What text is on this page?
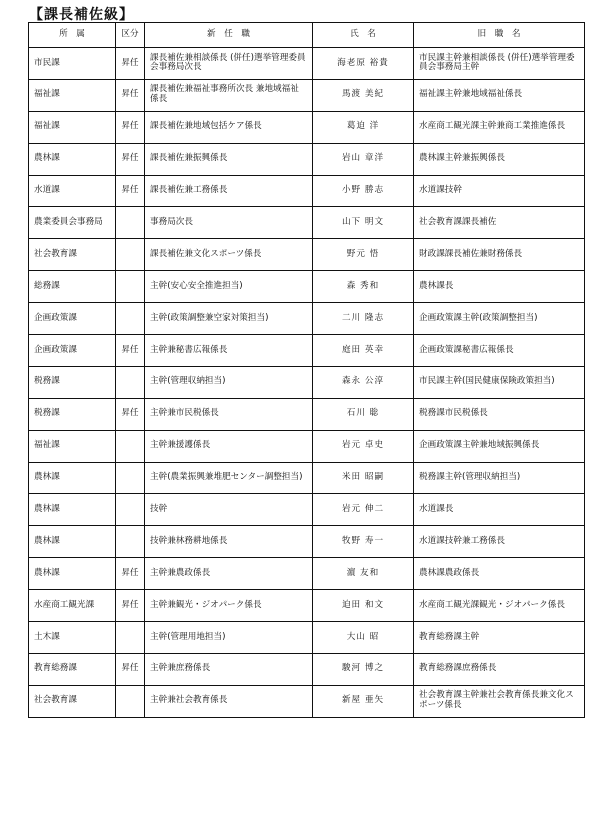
【課長補佐級】
所　属	区分	新　任　職	氏　名	旧　職　名
市民課	昇任	課長補佐兼相談係長 (併任)選挙管理委員会事務局次長	海老原 裕貴	市民課主幹兼相談係長 (併任)選挙管理委員会事務局主幹
福祉課	昇任	課長補佐兼福祉事務所次長 兼地域福祉係長	馬渡 美紀	福祉課主幹兼地域福祉係長
福祉課	昇任	課長補佐兼地域包括ケア係長	葛迫 洋	水産商工観光課主幹兼商工業推進係長
農林課	昇任	課長補佐兼振興係長	岩山 章洋	農林課主幹兼振興係長
水道課	昇任	課長補佐兼工務係長	小野 勝志	水道課技幹
農業委員会事務局		事務局次長	山下 明文	社会教育課課長補佐
社会教育課		課長補佐兼文化スポーツ係長	野元 悟	財政課課長補佐兼財務係長
総務課		主幹(安心安全推進担当)	森 秀和	農林課長
企画政策課		主幹(政策調整兼空家対策担当)	二川 隆志	企画政策課主幹(政策調整担当)
企画政策課	昇任	主幹兼秘書広報係長	庭田 英幸	企画政策課秘書広報係長
税務課		主幹(管理収納担当)	森永 公淳	市民課主幹(国民健康保険政策担当)
税務課	昇任	主幹兼市民税係長	石川 聡	税務課市民税係長
福祉課		主幹兼援護係長	岩元 卓史	企画政策課主幹兼地域振興係長
農林課		主幹(農業振興兼堆肥センター調整担当)	米田 昭嗣	税務課主幹(管理収納担当)
農林課		技幹	岩元 伸二	水道課長
農林課		技幹兼林務耕地係長	牧野 寿一	水道課技幹兼工務係長
農林課	昇任	主幹兼農政係長	濵 友和	農林課農政係長
水産商工観光課	昇任	主幹兼観光・ジオパーク係長	迫田 和文	水産商工観光課観光・ジオパーク係長
土木課		主幹(管理用地担当)	大山 昭	教育総務課主幹
教育総務課	昇任	主幹兼庶務係長	駿河 博之	教育総務課庶務係長
社会教育課		主幹兼社会教育係長	新屋 亜矢	社会教育課主幹兼社会教育係長兼文化スポーツ係長
